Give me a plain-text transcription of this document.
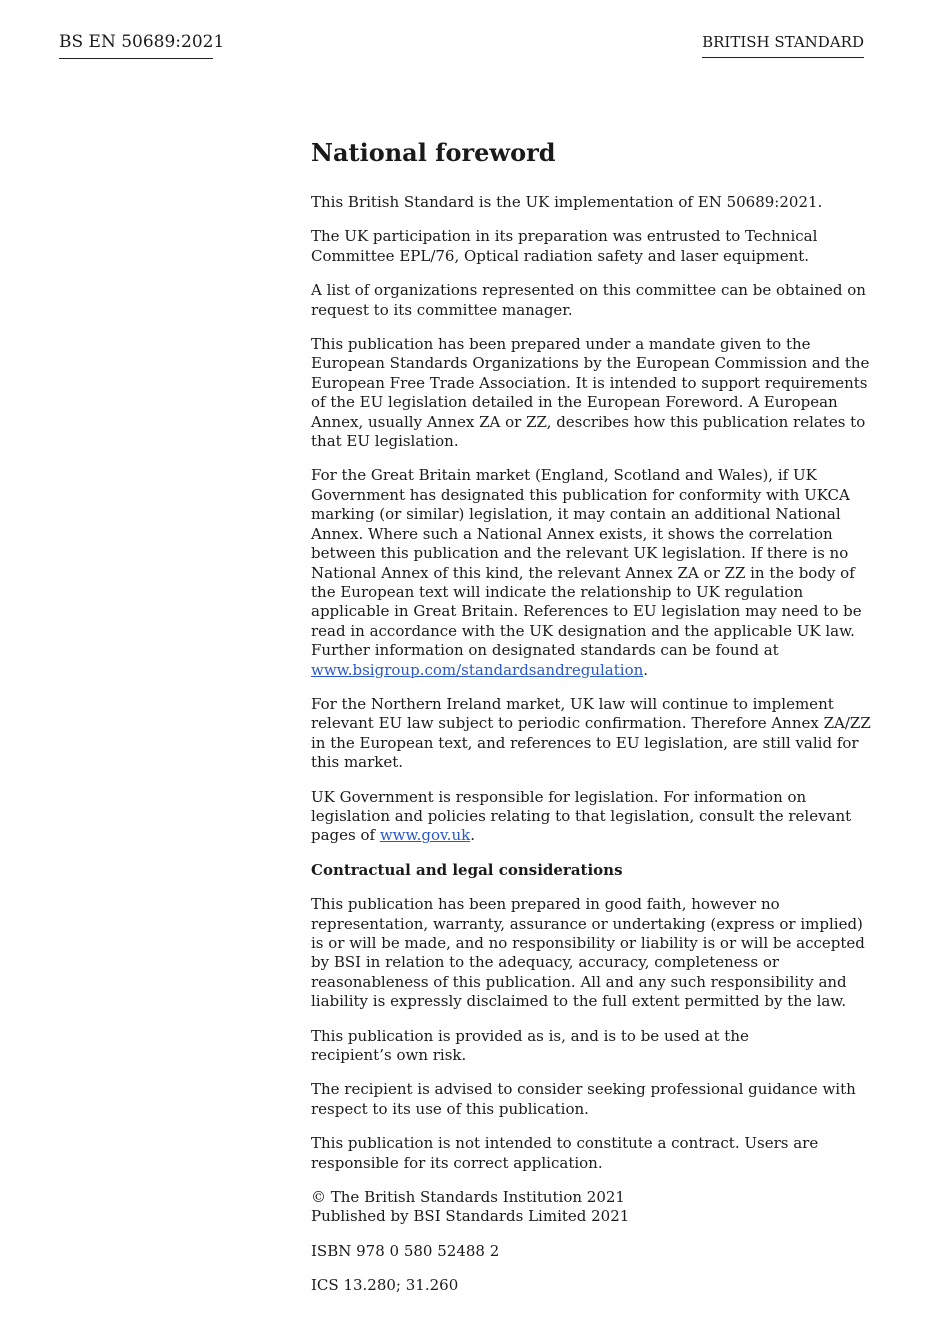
BS EN 50689:2021	BRITISH STANDARD
National foreword

This British Standard is the UK implementation of EN 50689:2021.

The UK participation in its preparation was entrusted to Technical Committee EPL/76, Optical radiation safety and laser equipment.

A list of organizations represented on this committee can be obtained on request to its committee manager.

This publication has been prepared under a mandate given to the European Standards Organizations by the European Commission and the European Free Trade Association. It is intended to support requirements of the EU legislation detailed in the European Foreword. A European Annex, usually Annex ZA or ZZ, describes how this publication relates to that EU legislation.

For the Great Britain market (England, Scotland and Wales), if UK Government has designated this publication for conformity with UKCA marking (or similar) legislation, it may contain an additional National Annex. Where such a National Annex exists, it shows the correlation between this publication and the relevant UK legislation. If there is no National Annex of this kind, the relevant Annex ZA or ZZ in the body of the European text will indicate the relationship to UK regulation applicable in Great Britain. References to EU legislation may need to be read in accordance with the UK designation and the applicable UK law. Further information on designated standards can be found at www.bsigroup.com/standardsandregulation.

For the Northern Ireland market, UK law will continue to implement relevant EU law subject to periodic confirmation. Therefore Annex ZA/ZZ in the European text, and references to EU legislation, are still valid for this market.

UK Government is responsible for legislation. For information on legislation and policies relating to that legislation, consult the relevant pages of www.gov.uk.

Contractual and legal considerations

This publication has been prepared in good faith, however no representation, warranty, assurance or undertaking (express or implied) is or will be made, and no responsibility or liability is or will be accepted by BSI in relation to the adequacy, accuracy, completeness or reasonableness of this publication. All and any such responsibility and liability is expressly disclaimed to the full extent permitted by the law.

This publication is provided as is, and is to be used at the
recipient’s own risk.

The recipient is advised to consider seeking professional guidance with respect to its use of this publication.

This publication is not intended to constitute a contract. Users are responsible for its correct application.

© The British Standards Institution 2021
Published by BSI Standards Limited 2021

ISBN 978 0 580 52488 2

ICS 13.280; 31.260
